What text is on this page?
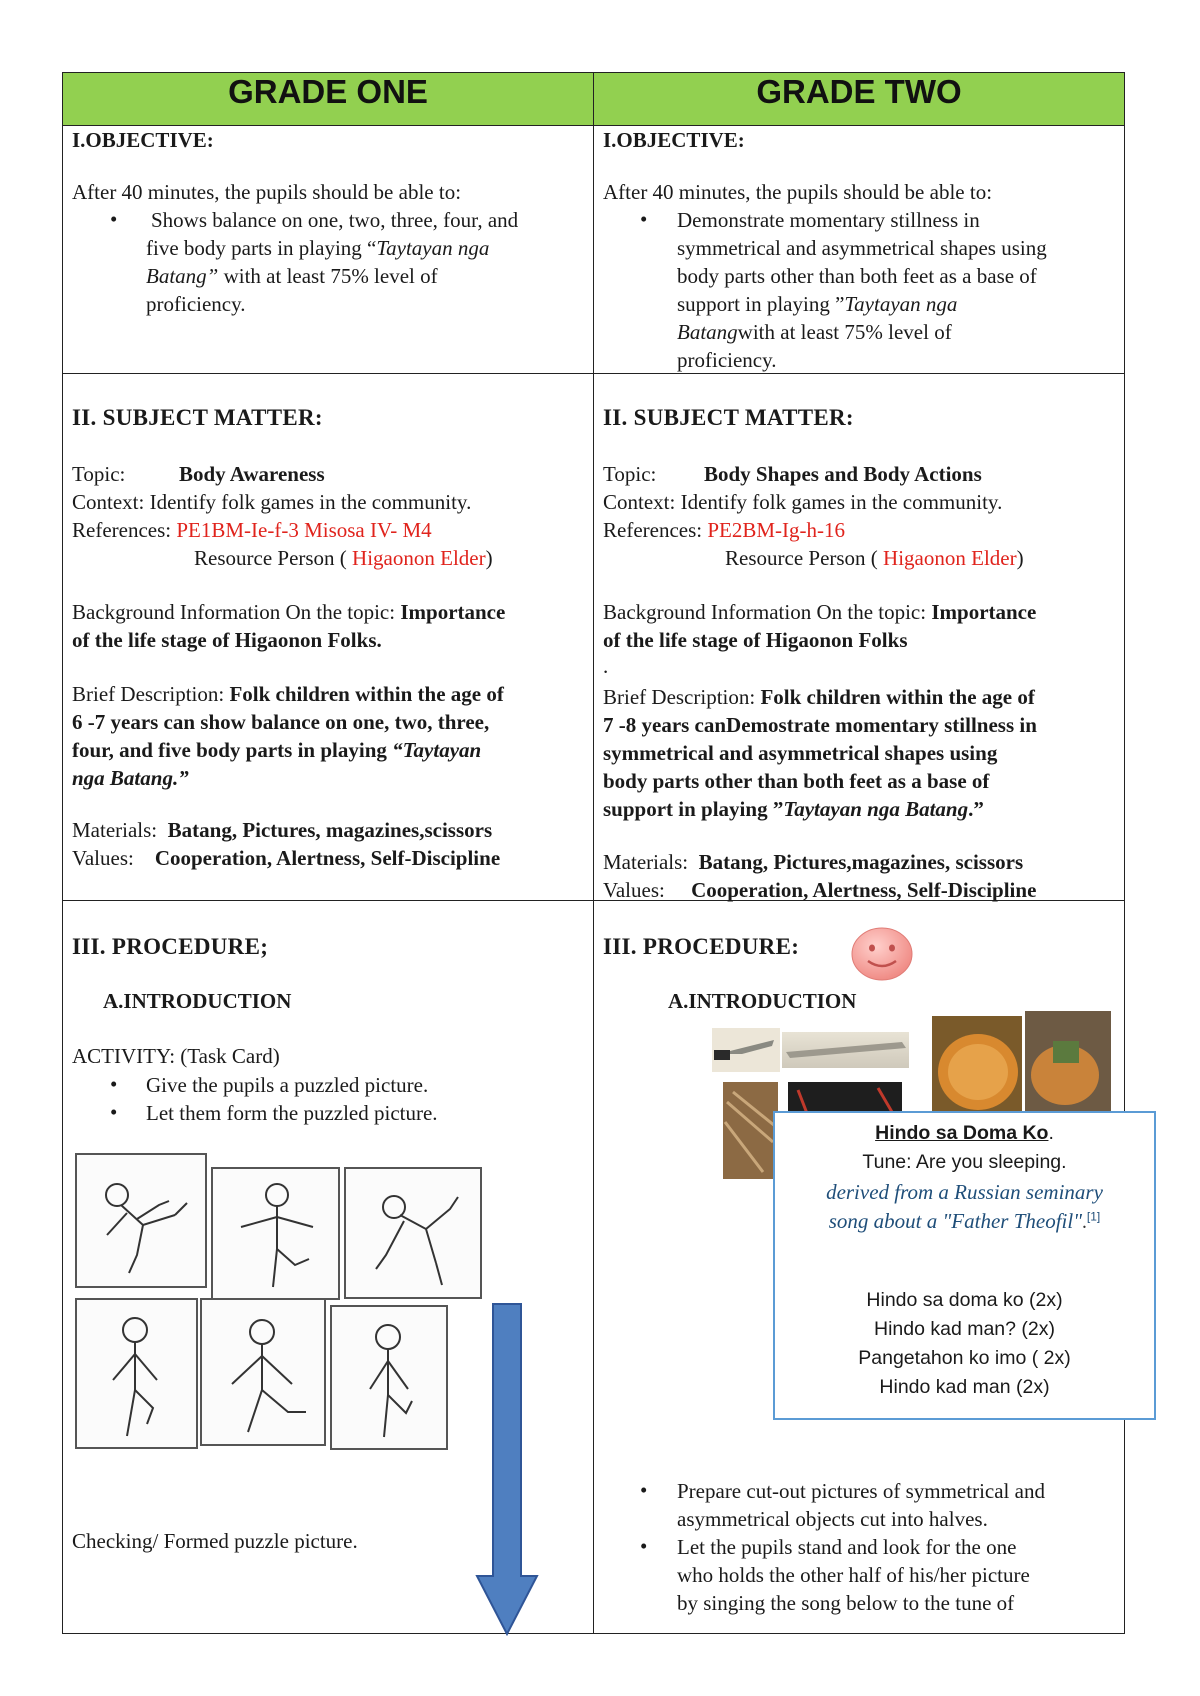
GRADE ONE	GRADE TWO

I.OBJECTIVE:
After 40 minutes, the pupils should be able to:
• Shows balance on one, two, three, four, and
five body parts in playing “Taytayan nga
Batang” with at least 75% level of
proficiency.
I.OBJECTIVE:
After 40 minutes, the pupils should be able to:
• Demonstrate momentary stillness in
symmetrical and asymmetrical shapes using
body parts other than both feet as a base of
support in playing ”Taytayan nga
Batangwith at least 75% level of
proficiency.
II. SUBJECT MATTER:
Topic:	Body Awareness
Context: Identify folk games in the community.
References: PE1BM-Ie-f-3 Misosa IV- M4
Resource Person ( Higaonon Elder)
Background Information On the topic: Importance
of the life stage of Higaonon Folks.
Brief Description: Folk children within the age of
6 -7 years can show balance on one, two, three,
four, and five body parts in playing “Taytayan
nga Batang.”
Materials: Batang, Pictures, magazines,scissors
Values: Cooperation, Alertness, Self-Discipline
II. SUBJECT MATTER:
Topic: Body Shapes and Body Actions
Context: Identify folk games in the community.
References: PE2BM-Ig-h-16
Resource Person ( Higaonon Elder)
Background Information On the topic: Importance
of the life stage of Higaonon Folks
.
Brief Description: Folk children within the age of
7 -8 years canDemostrate momentary stillness in
symmetrical and asymmetrical shapes using
body parts other than both feet as a base of
support in playing ”Taytayan nga Batang.”
Materials: Batang, Pictures,magazines, scissors
Values: Cooperation, Alertness, Self-Discipline
III. PROCEDURE;
A.INTRODUCTION
ACTIVITY: (Task Card)
• Give the pupils a puzzled picture.
• Let them form the puzzled picture.
Checking/ Formed puzzle picture.
III. PROCEDURE:
A.INTRODUCTION
Hindo sa Doma Ko.
Tune: Are you sleeping.
derived from a Russian seminary
song about a "Father Theofil".[1]
Hindo sa doma ko (2x)
Hindo kad man? (2x)
Pangetahon ko imo ( 2x)
Hindo kad man (2x)
• Prepare cut-out pictures of symmetrical and
asymmetrical objects cut into halves.
• Let the pupils stand and look for the one
who holds the other half of his/her picture
by singing the song below to the tune of
